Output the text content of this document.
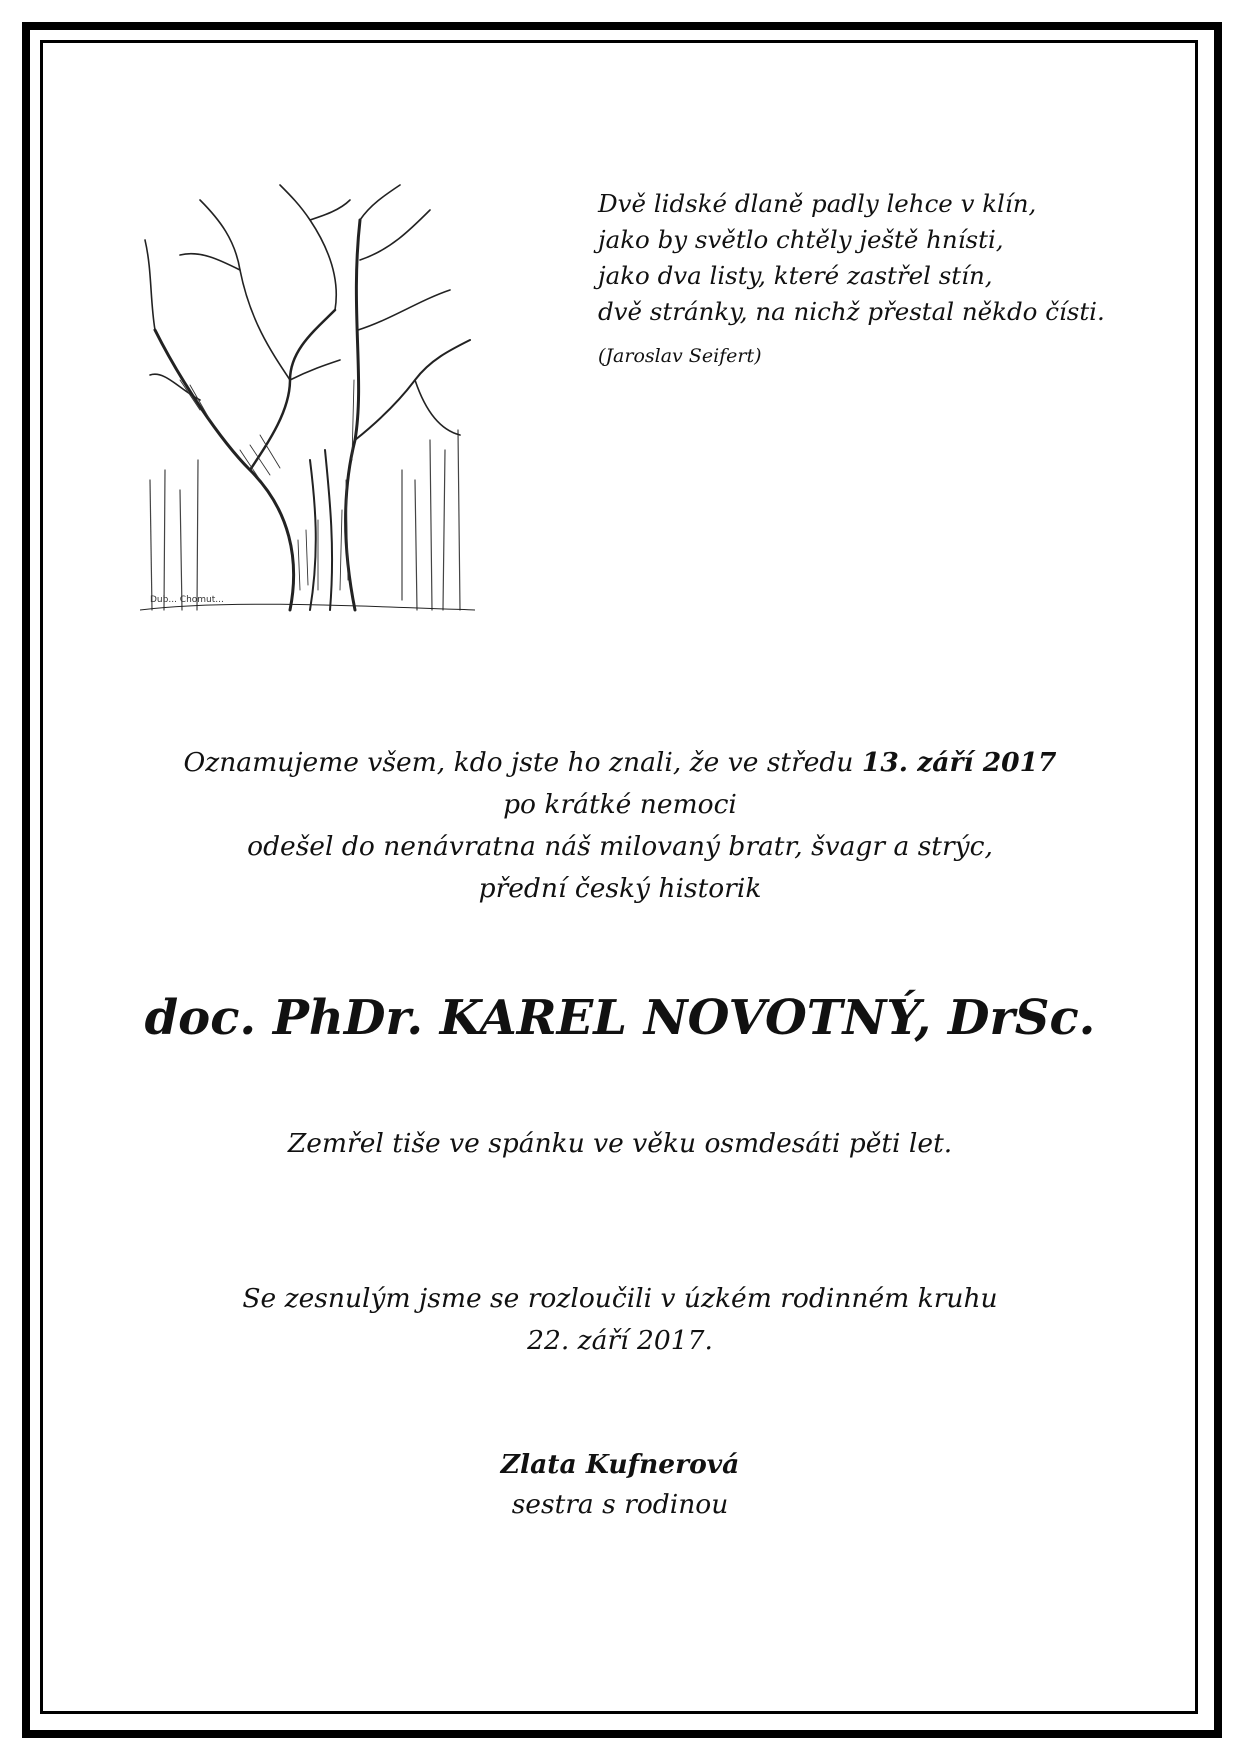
Dub... Chomut...
Dvě lidské dlaně padly lehce v klín,
jako by světlo chtěly ještě hnísti,
jako dva listy, které zastřel stín,
dvě stránky, na nichž přestal někdo čísti.
(Jaroslav Seifert)
Oznamujeme všem, kdo jste ho znali, že ve středu 13. září 2017
po krátké nemoci
odešel do nenávratna náš milovaný bratr, švagr a strýc,
přední český historik
doc. PhDr. KAREL NOVOTNÝ, DrSc.
Zemřel tiše ve spánku ve věku osmdesáti pěti let.
Se zesnulým jsme se rozloučili v úzkém rodinném kruhu
22. září 2017.
Zlata Kufnerová
sestra s rodinou
